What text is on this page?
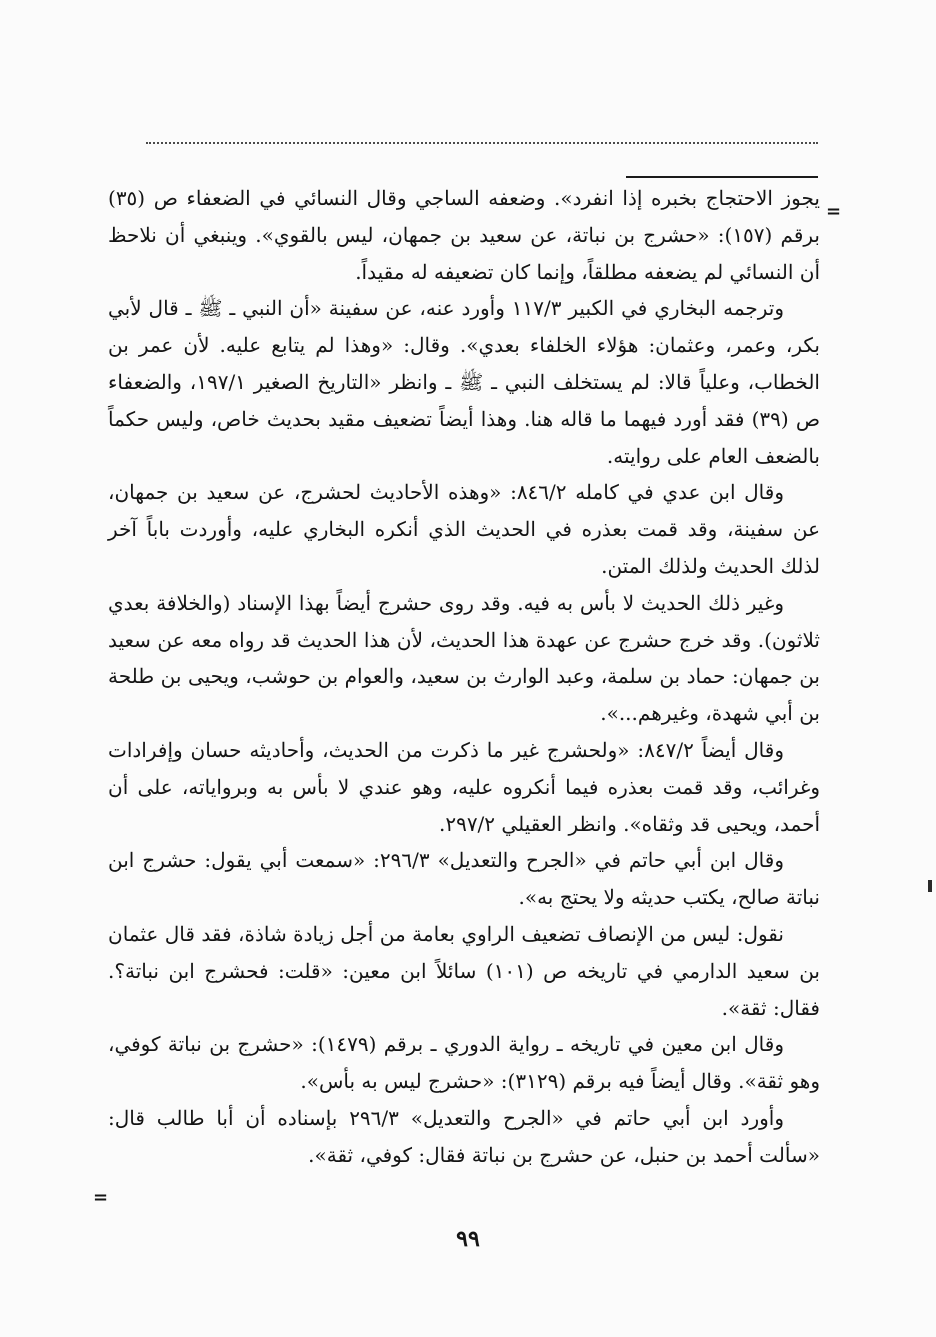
=
=

يجوز الاحتجاج بخبره إذا انفرد». وضعفه الساجي وقال النسائي في الضعفاء ص (٣٥) برقم (١٥٧): «حشرج بن نباتة، عن سعيد بن جمهان، ليس بالقوي». وينبغي أن نلاحظ أن النسائي لم يضعفه مطلقاً، وإنما كان تضعيفه له مقيداً.

وترجمه البخاري في الكبير ١١٧/٣ وأورد عنه، عن سفينة «أن النبي ـ ﷺ ـ قال لأبي بكر، وعمر، وعثمان: هؤلاء الخلفاء بعدي». وقال: «وهذا لم يتابع عليه. لأن عمر بن الخطاب، وعلياً قالا: لم يستخلف النبي ـ ﷺ ـ وانظر «التاريخ الصغير ١٩٧/١، والضعفاء ص (٣٩) فقد أورد فيهما ما قاله هنا. وهذا أيضاً تضعيف مقيد بحديث خاص، وليس حكماً بالضعف العام على روايته.

وقال ابن عدي في كامله ٨٤٦/٢: «وهذه الأحاديث لحشرج، عن سعيد بن جمهان، عن سفينة، وقد قمت بعذره في الحديث الذي أنكره البخاري عليه، وأوردت باباً آخر لذلك الحديث ولذلك المتن.

وغير ذلك الحديث لا بأس به فيه. وقد روى حشرج أيضاً بهذا الإسناد (والخلافة بعدي ثلاثون). وقد خرج حشرج عن عهدة هذا الحديث، لأن هذا الحديث قد رواه معه عن سعيد بن جمهان: حماد بن سلمة، وعبد الوارث بن سعيد، والعوام بن حوشب، ويحيى بن طلحة بن أبي شهدة، وغيرهم...».

وقال أيضاً ٨٤٧/٢: «ولحشرج غير ما ذكرت من الحديث، وأحاديثه حسان وإفرادات وغرائب، وقد قمت بعذره فيما أنكروه عليه، وهو عندي لا بأس به وبرواياته، على أن أحمد، ويحيى قد وثقاه». وانظر العقيلي ٢٩٧/٢.

وقال ابن أبي حاتم في «الجرح والتعديل» ٢٩٦/٣: «سمعت أبي يقول: حشرج ابن نباتة صالح، يكتب حديثه ولا يحتج به».

نقول: ليس من الإنصاف تضعيف الراوي بعامة من أجل زيادة شاذة، فقد قال عثمان بن سعيد الدارمي في تاريخه ص (١٠١) سائلاً ابن معين: «قلت: فحشرج ابن نباتة؟. فقال: ثقة».

وقال ابن معين في تاريخه ـ رواية الدوري ـ برقم (١٤٧٩): «حشرج بن نباتة كوفي، وهو ثقة». وقال أيضاً فيه برقم (٣١٢٩): «حشرج ليس به بأس».

وأورد ابن أبي حاتم في «الجرح والتعديل» ٢٩٦/٣ بإسناده أن أبا طالب قال: «سألت أحمد بن حنبل، عن حشرج بن نباتة فقال: كوفي، ثقة».

٩٩
